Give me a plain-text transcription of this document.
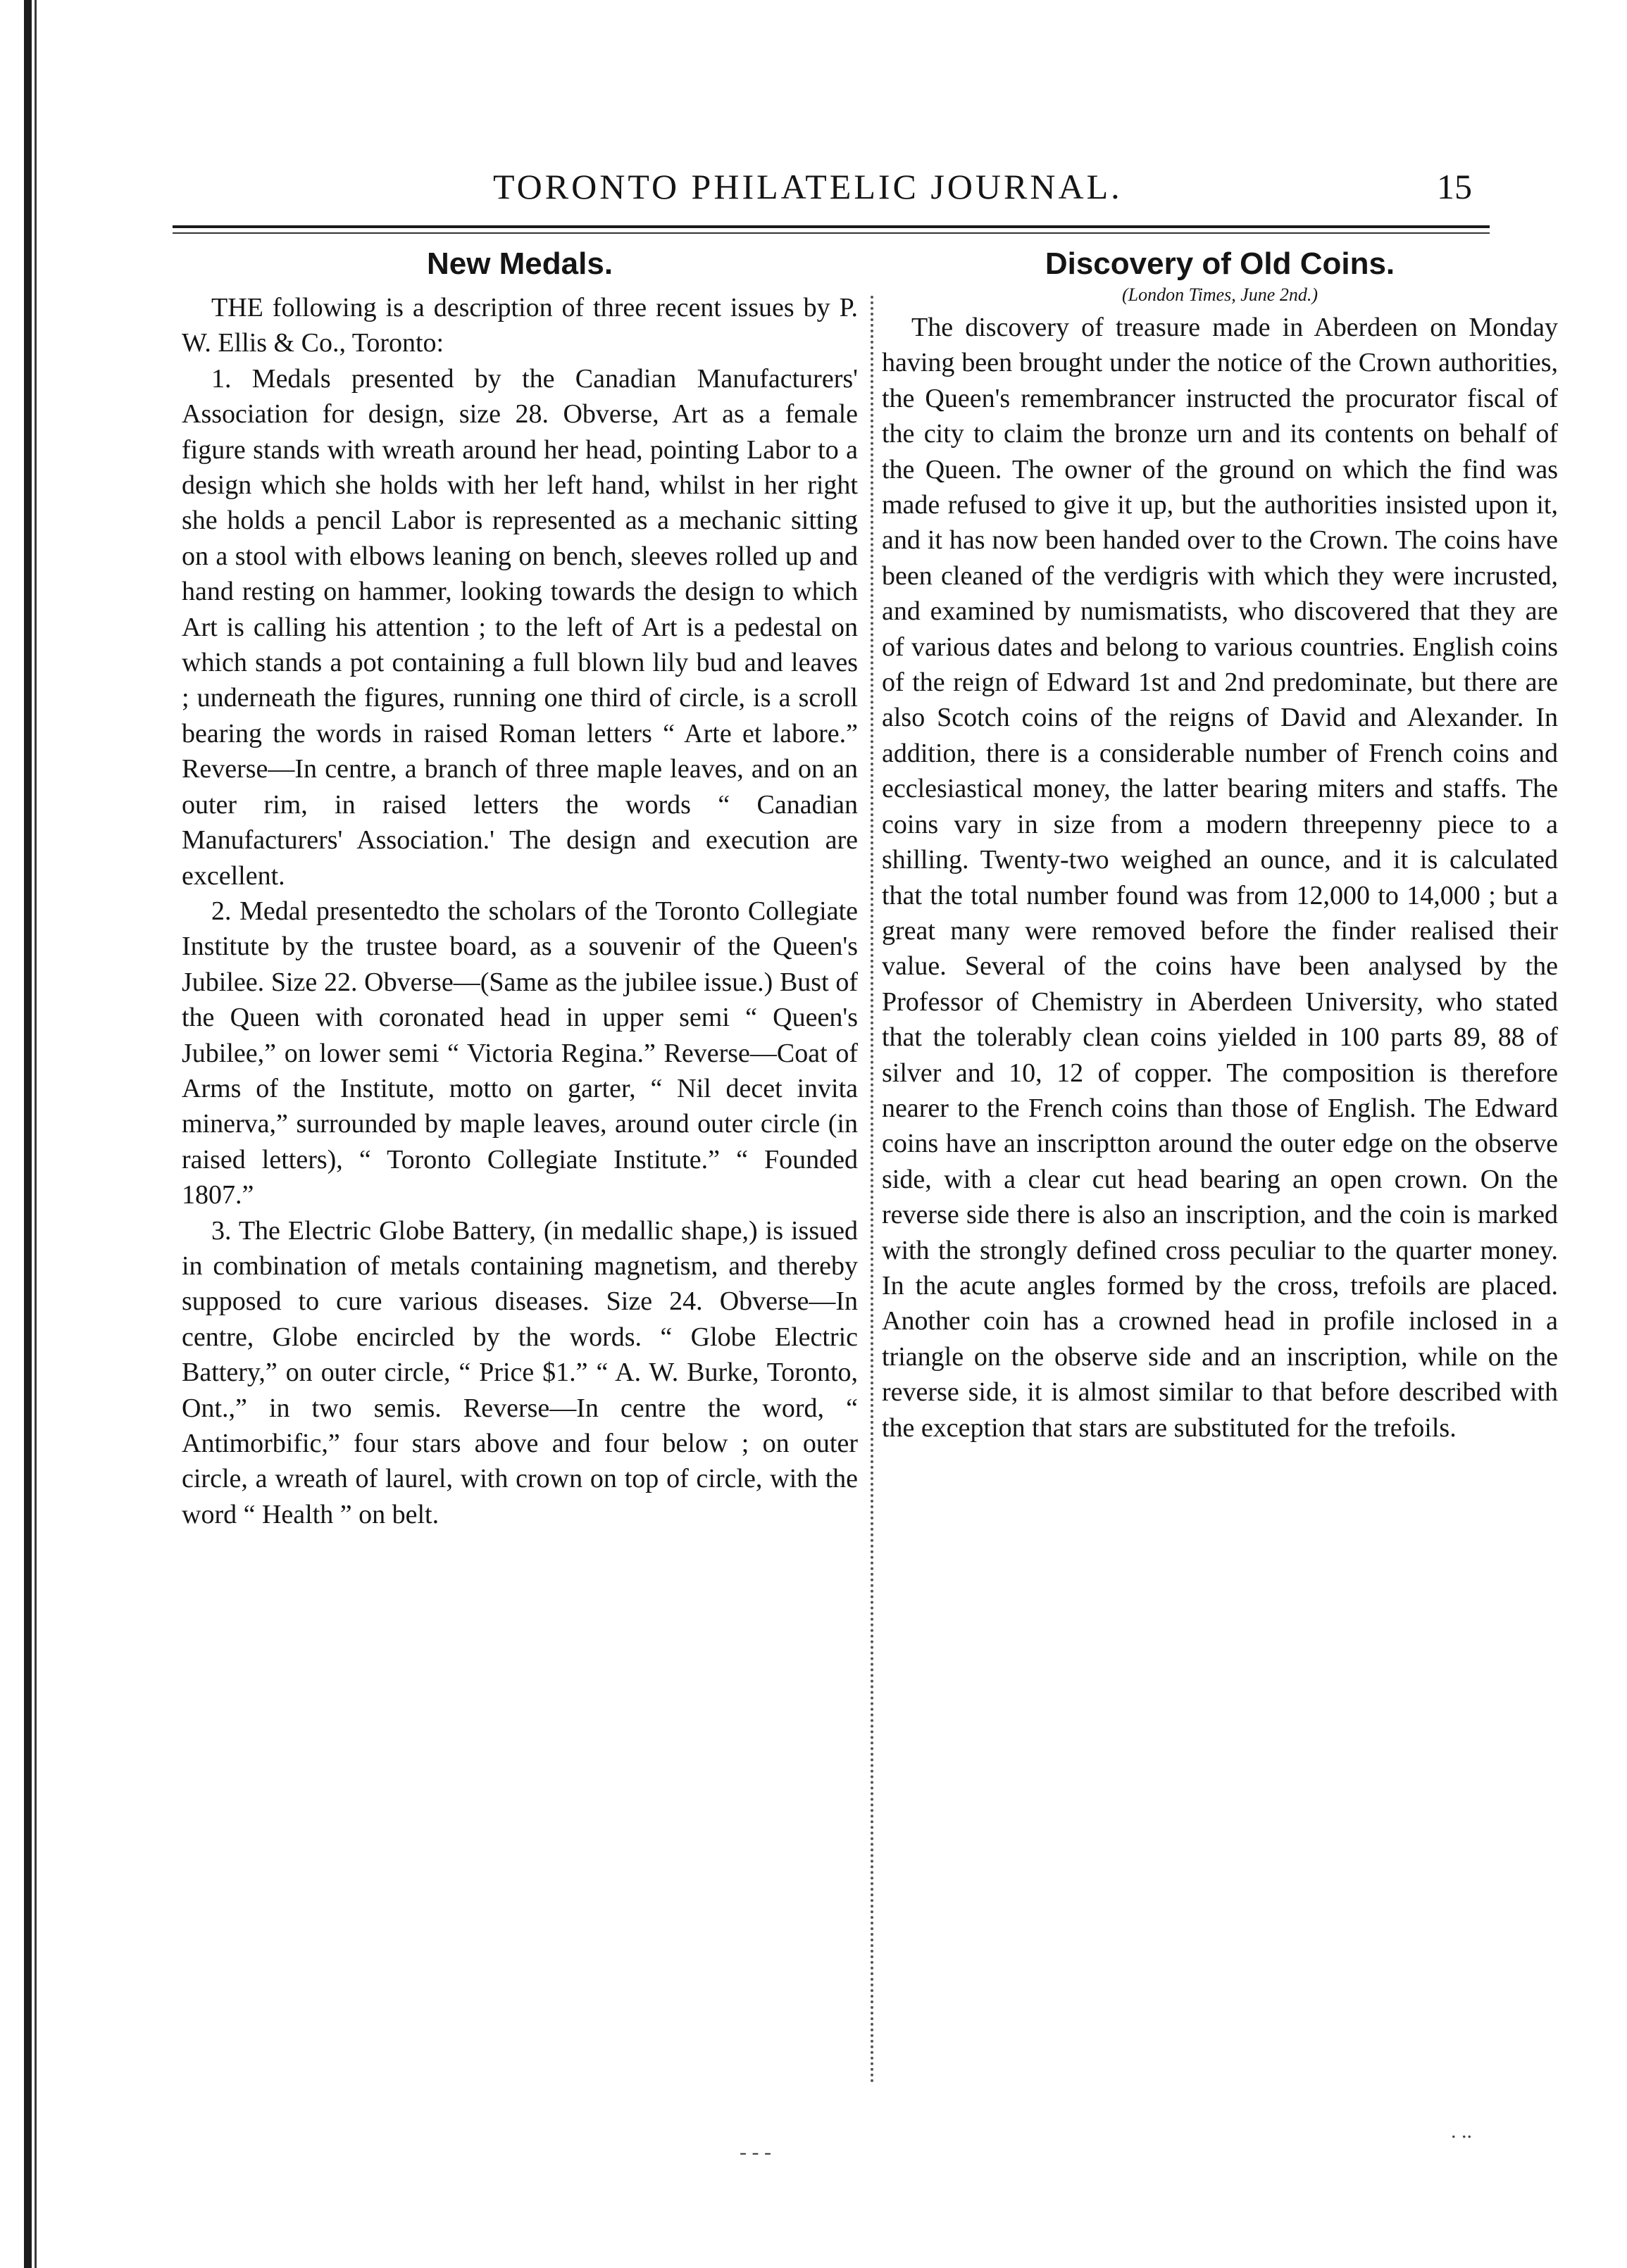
TORONTO PHILATELIC JOURNAL.	15
New Medals.

THE following is a description of three recent issues by P. W. Ellis & Co., Toronto:

1. Medals presented by the Canadian Manufacturers' Association for design, size 28. Obverse, Art as a female figure stands with wreath around her head, pointing Labor to a design which she holds with her left hand, whilst in her right she holds a pencil Labor is represented as a mechanic sitting on a stool with elbows leaning on bench, sleeves rolled up and hand resting on hammer, looking towards the design to which Art is calling his attention ; to the left of Art is a pedestal on which stands a pot containing a full blown lily bud and leaves ; underneath the figures, running one third of circle, is a scroll bearing the words in raised Roman letters “ Arte et labore.” Reverse—In centre, a branch of three maple leaves, and on an outer rim, in raised letters the words “ Canadian Manufacturers' Association.' The design and execution are excellent.

2. Medal presentedto the scholars of the Toronto Collegiate Institute by the trustee board, as a souvenir of the Queen's Jubilee. Size 22. Obverse—(Same as the jubilee issue.) Bust of the Queen with coronated head in upper semi “ Queen's Jubilee,” on lower semi “ Victoria Regina.” Reverse—Coat of Arms of the Institute, motto on garter, “ Nil decet invita minerva,” surrounded by maple leaves, around outer circle (in raised letters), “ Toronto Collegiate Institute.” “ Founded 1807.”

3. The Electric Globe Battery, (in medallic shape,) is issued in combination of metals containing magnetism, and thereby supposed to cure various diseases. Size 24. Obverse—In centre, Globe encircled by the words. “ Globe Electric Battery,” on outer circle, “ Price $1.” “ A. W. Burke, Toronto, Ont.,” in two semis. Reverse—In centre the word, “ Antimorbific,” four stars above and four below ; on outer circle, a wreath of laurel, with crown on top of circle, with the word “ Health ” on belt.

Discovery of Old Coins.
(London Times, June 2nd.)

The discovery of treasure made in Aberdeen on Monday having been brought under the notice of the Crown authorities, the Queen's remembrancer instructed the procurator fiscal of the city to claim the bronze urn and its contents on behalf of the Queen. The owner of the ground on which the find was made refused to give it up, but the authorities insisted upon it, and it has now been handed over to the Crown. The coins have been cleaned of the verdigris with which they were incrusted, and examined by numismatists, who discovered that they are of various dates and belong to various countries. English coins of the reign of Edward 1st and 2nd predominate, but there are also Scotch coins of the reigns of David and Alexander. In addition, there is a considerable number of French coins and ecclesiastical money, the latter bearing miters and staffs. The coins vary in size from a modern threepenny piece to a shilling. Twenty-two weighed an ounce, and it is calculated that the total number found was from 12,000 to 14,000 ; but a great many were removed before the finder realised their value. Several of the coins have been analysed by the Professor of Chemistry in Aberdeen University, who stated that the tolerably clean coins yielded in 100 parts 89, 88 of silver and 10, 12 of copper. The composition is therefore nearer to the French coins than those of English. The Edward coins have an inscriptton around the outer edge on the observe side, with a clear cut head bearing an open crown. On the reverse side there is also an inscription, and the coin is marked with the strongly defined cross peculiar to the quarter money. In the acute angles formed by the cross, trefoils are placed. Another coin has a crowned head in profile inclosed in a triangle on the observe side and an inscription, while on the reverse side, it is almost similar to that before described with the exception that stars are substituted for the trefoils.

- - -
. ..
